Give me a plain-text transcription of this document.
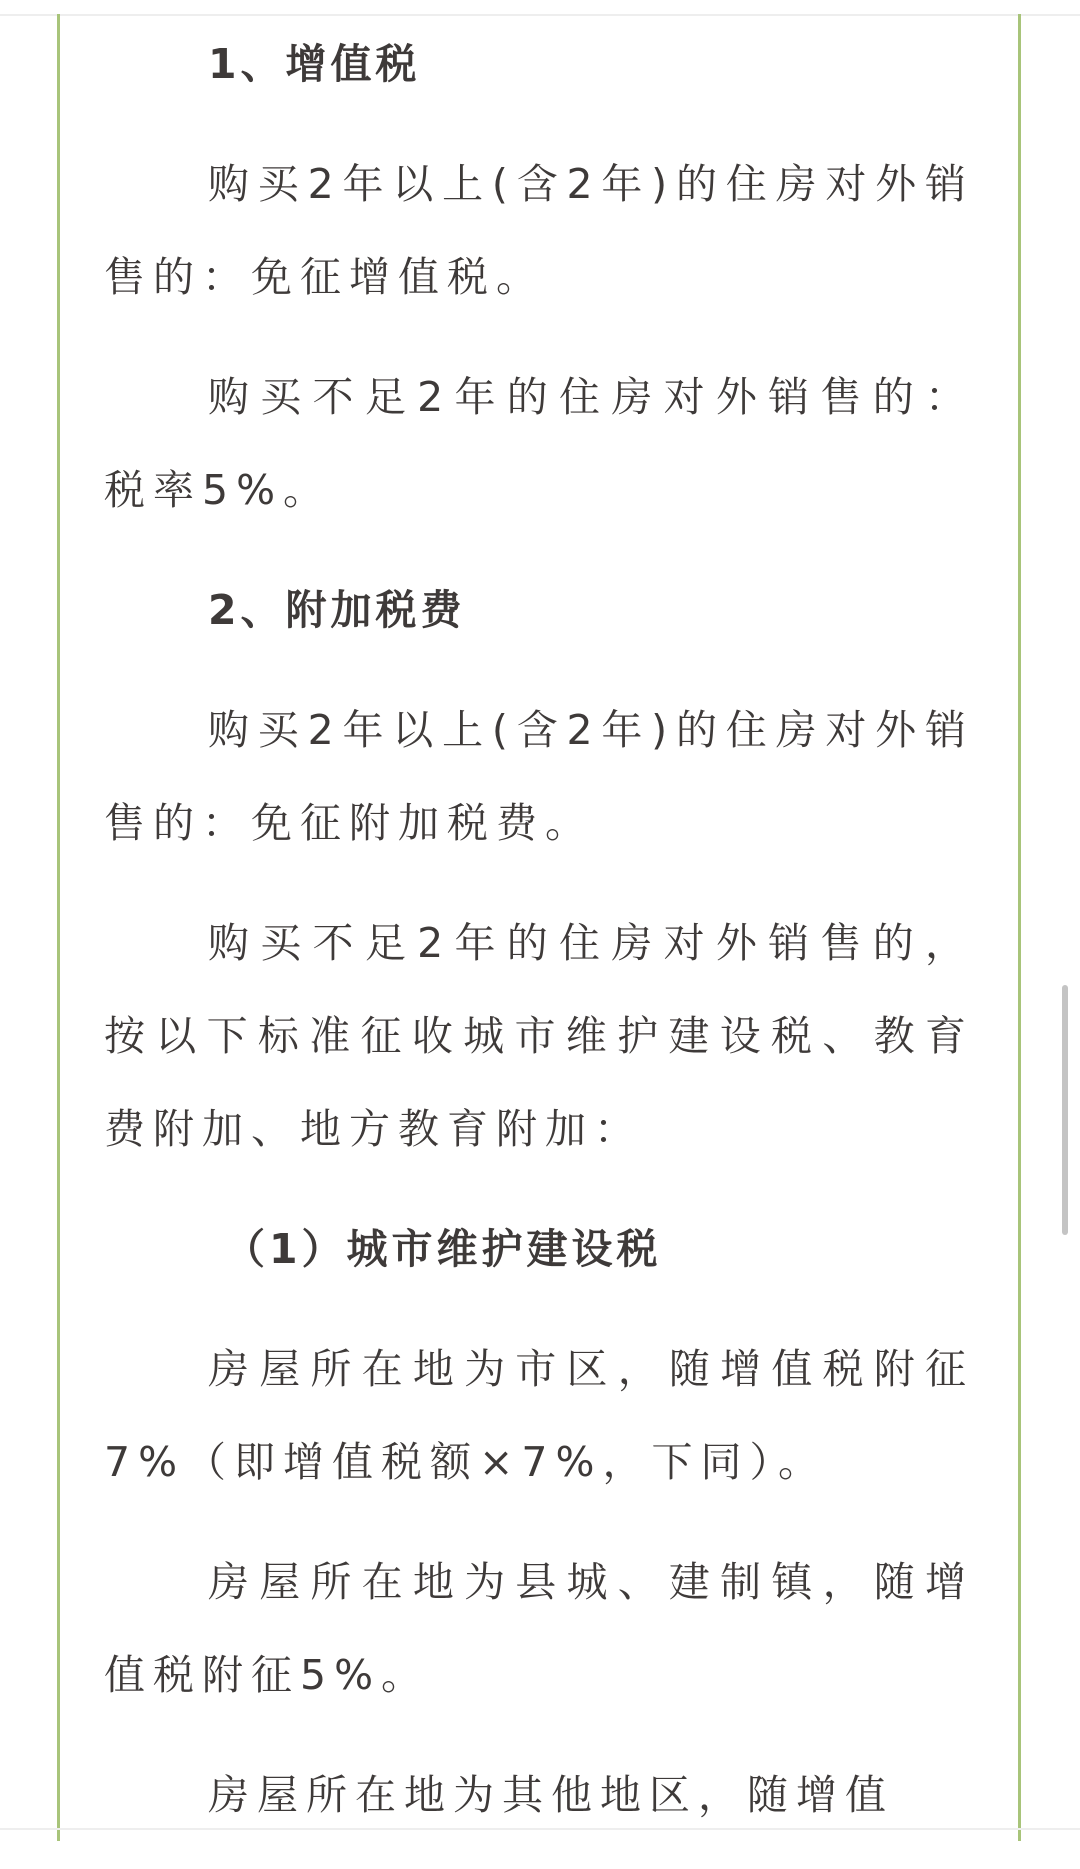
1、增值税
购买2年以上(含2年)的住房对外销售的：免征增值税。
购买不足2年的住房对外销售的：税率5%。
2、附加税费
购买2年以上(含2年)的住房对外销售的：免征附加税费。
购买不足2年的住房对外销售的，按以下标准征收城市维护建设税、教育费附加、地方教育附加：
（1）城市维护建设税
房屋所在地为市区，随增值税附征7%（即增值税额×7%，下同）。
房屋所在地为县城、建制镇，随增值税附征5%。
房屋所在地为其他地区，随增值
